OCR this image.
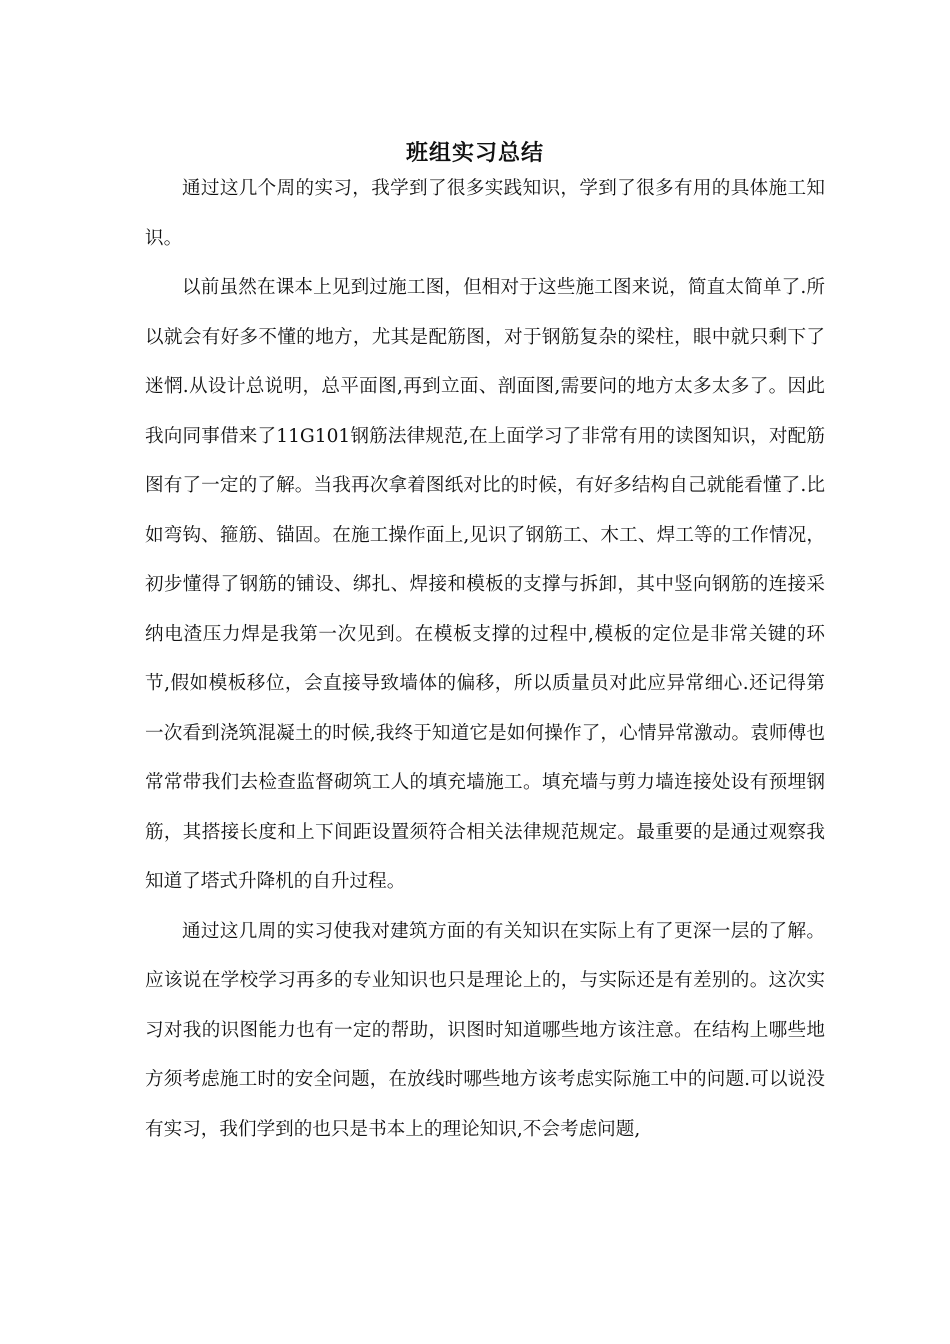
班组实习总结

通过这几个周的实习，我学到了很多实践知识，学到了很多有用的具体施工知识。

以前虽然在课本上见到过施工图，但相对于这些施工图来说，简直太简单了.所以就会有好多不懂的地方，尤其是配筋图，对于钢筋复杂的梁柱，眼中就只剩下了迷惘.从设计总说明，总平面图,再到立面、剖面图,需要问的地方太多太多了。因此我向同事借来了11G101钢筋法律规范,在上面学习了非常有用的读图知识，对配筋图有了一定的了解。当我再次拿着图纸对比的时候，有好多结构自己就能看懂了.比如弯钩、箍筋、锚固。在施工操作面上,见识了钢筋工、木工、焊工等的工作情况，初步懂得了钢筋的铺设、绑扎、焊接和模板的支撑与拆卸，其中竖向钢筋的连接采纳电渣压力焊是我第一次见到。在模板支撑的过程中,模板的定位是非常关键的环节,假如模板移位，会直接导致墙体的偏移，所以质量员对此应异常细心.还记得第一次看到浇筑混凝土的时候,我终于知道它是如何操作了，心情异常激动。袁师傅也常常带我们去检查监督砌筑工人的填充墙施工。填充墙与剪力墙连接处设有预埋钢筋，其搭接长度和上下间距设置须符合相关法律规范规定。最重要的是通过观察我知道了塔式升降机的自升过程。

通过这几周的实习使我对建筑方面的有关知识在实际上有了更深一层的了解。应该说在学校学习再多的专业知识也只是理论上的，与实际还是有差别的。这次实习对我的识图能力也有一定的帮助，识图时知道哪些地方该注意。在结构上哪些地方须考虑施工时的安全问题，在放线时哪些地方该考虑实际施工中的问题.可以说没有实习，我们学到的也只是书本上的理论知识,不会考虑问题,
